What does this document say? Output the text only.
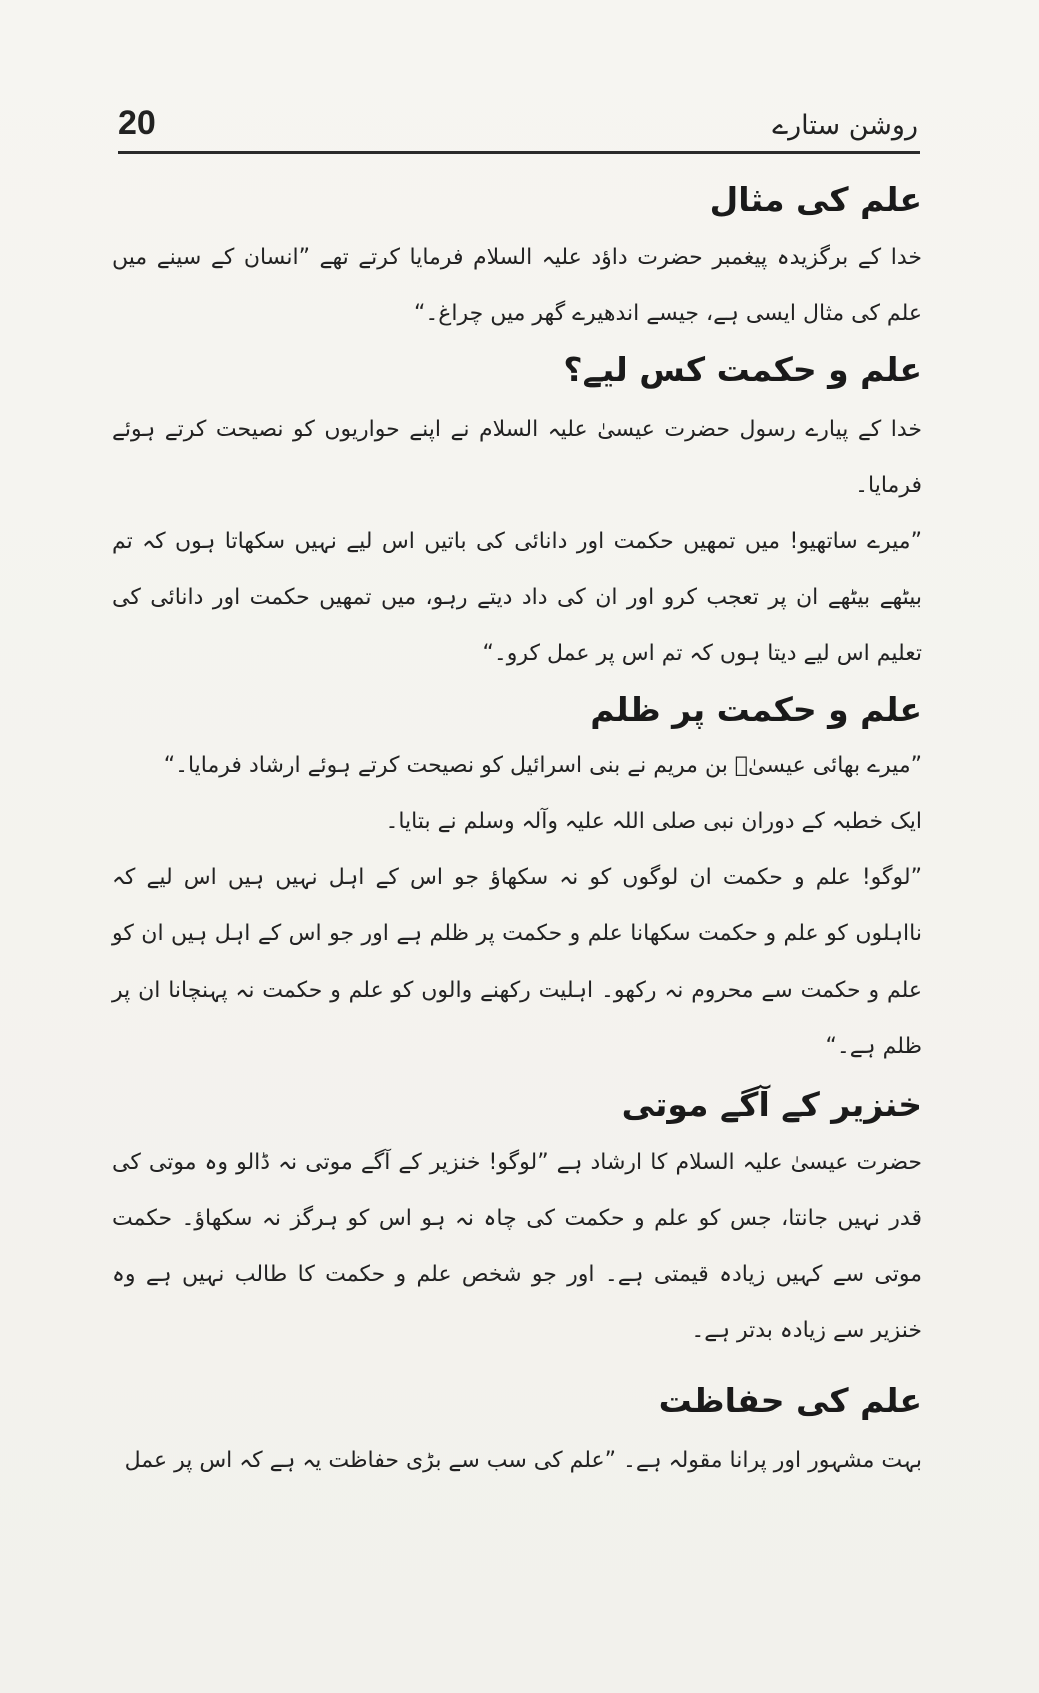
20	روشن ستارے
علم کی مثال

خدا کے برگزیدہ پیغمبر حضرت داؤد علیہ السلام فرمایا کرتے تھے ”انسان کے سینے میں علم کی مثال ایسی ہے، جیسے اندھیرے گھر میں چراغ۔“

علم و حکمت کس لیے؟

خدا کے پیارے رسول حضرت عیسیٰ علیہ السلام نے اپنے حواریوں کو نصیحت کرتے ہوئے فرمایا۔

”میرے ساتھیو! میں تمھیں حکمت اور دانائی کی باتیں اس لیے نہیں سکھاتا ہوں کہ تم بیٹھے بیٹھے ان پر تعجب کرو اور ان کی داد دیتے رہو، میں تمھیں حکمت اور دانائی کی تعلیم اس لیے دیتا ہوں کہ تم اس پر عمل کرو۔“

علم و حکمت پر ظلم

”میرے بھائی عیسیٰؑ بن مریم نے بنی اسرائیل کو نصیحت کرتے ہوئے ارشاد فرمایا۔“

ایک خطبہ کے دوران نبی صلی اللہ علیہ وآلہ وسلم نے بتایا۔

”لوگو! علم و حکمت ان لوگوں کو نہ سکھاؤ جو اس کے اہل نہیں ہیں اس لیے کہ نااہلوں کو علم و حکمت سکھانا علم و حکمت پر ظلم ہے اور جو اس کے اہل ہیں ان کو علم و حکمت سے محروم نہ رکھو۔ اہلیت رکھنے والوں کو علم و حکمت نہ پہنچانا ان پر ظلم ہے۔“

خنزیر کے آگے موتی

حضرت عیسیٰ علیہ السلام کا ارشاد ہے ”لوگو! خنزیر کے آگے موتی نہ ڈالو وہ موتی کی قدر نہیں جانتا، جس کو علم و حکمت کی چاہ نہ ہو اس کو ہرگز نہ سکھاؤ۔ حکمت موتی سے کہیں زیادہ قیمتی ہے۔ اور جو شخص علم و حکمت کا طالب نہیں ہے وہ خنزیر سے زیادہ بدتر ہے۔

علم کی حفاظت

بہت مشہور اور پرانا مقولہ ہے۔ ”علم کی سب سے بڑی حفاظت یہ ہے کہ اس پر عمل
